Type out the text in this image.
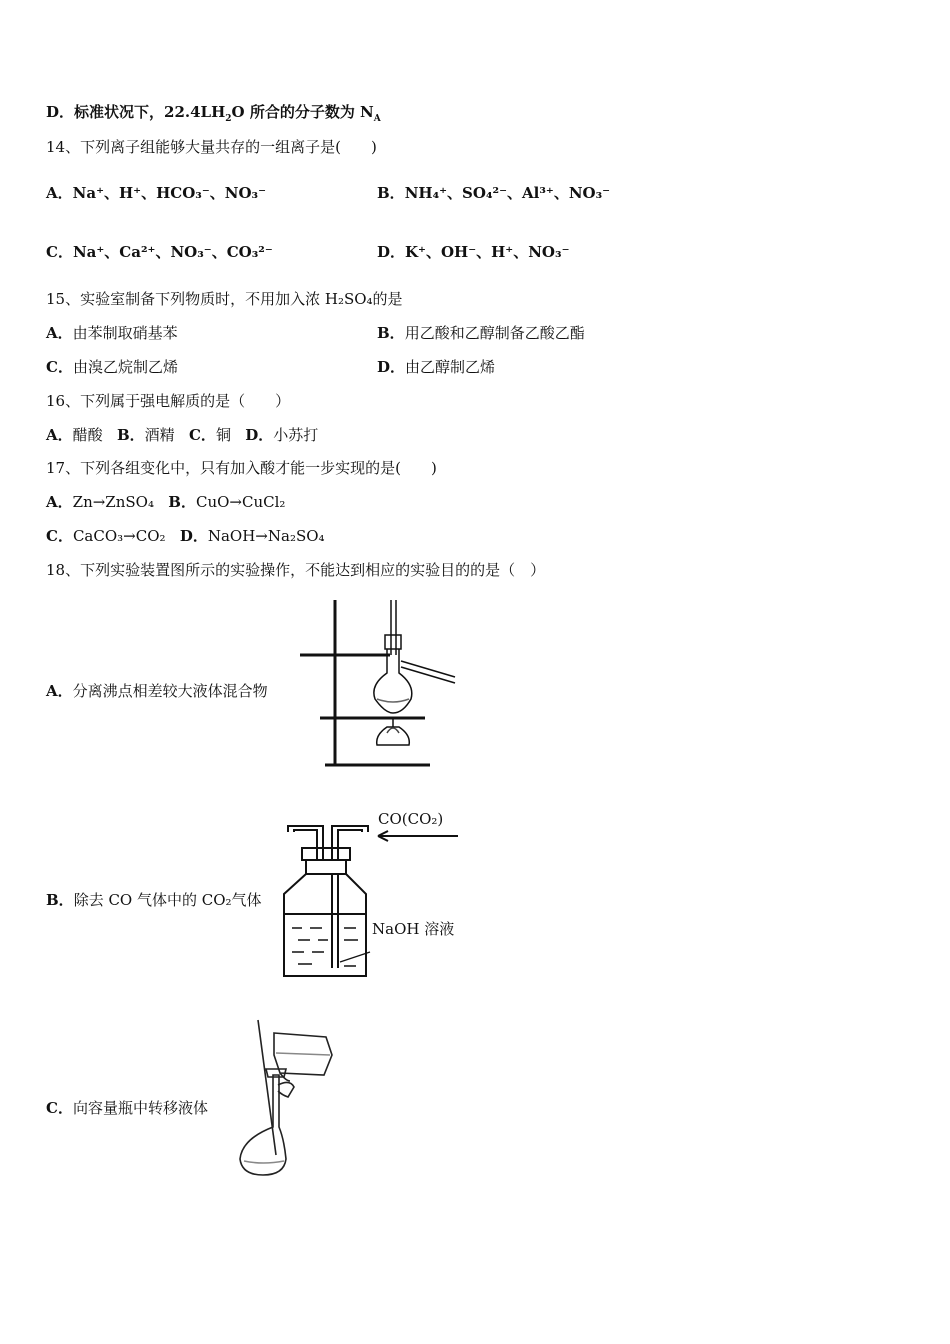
D．标准状况下，$22.4LH_2O$ 所合的分子数为 $N_A$
14、下列离子组能够大量共存的一组离子是(　　)
A．Na⁺、H⁺、HCO₃⁻、NO₃⁻	B．NH₄⁺、SO₄²⁻、Al³⁺、NO₃⁻
C．Na⁺、Ca²⁺、NO₃⁻、CO₃²⁻	D．K⁺、OH⁻、H⁺、NO₃⁻
15、实验室制备下列物质时，不用加入浓 H₂SO₄的是
A．由苯制取硝基苯	B．用乙酸和乙醇制备乙酸乙酯
C．由溴乙烷制乙烯	D．由乙醇制乙烯
16、下列属于强电解质的是（　　）
A．醋酸 B．酒精 C．铜 D．小苏打
17、下列各组变化中，只有加入酸才能一步实现的是(　　)
A．Zn→ZnSO₄ B．CuO→CuCl₂
C．CaCO₃→CO₂ D．NaOH→Na₂SO₄
18、下列实验装置图所示的实验操作，不能达到相应的实验目的的是（　）
A．分离沸点相差较大液体混合物
B．除去 CO 气体中的 CO₂气体
C．向容量瓶中转移液体
CO(CO₂)
NaOH 溶液
